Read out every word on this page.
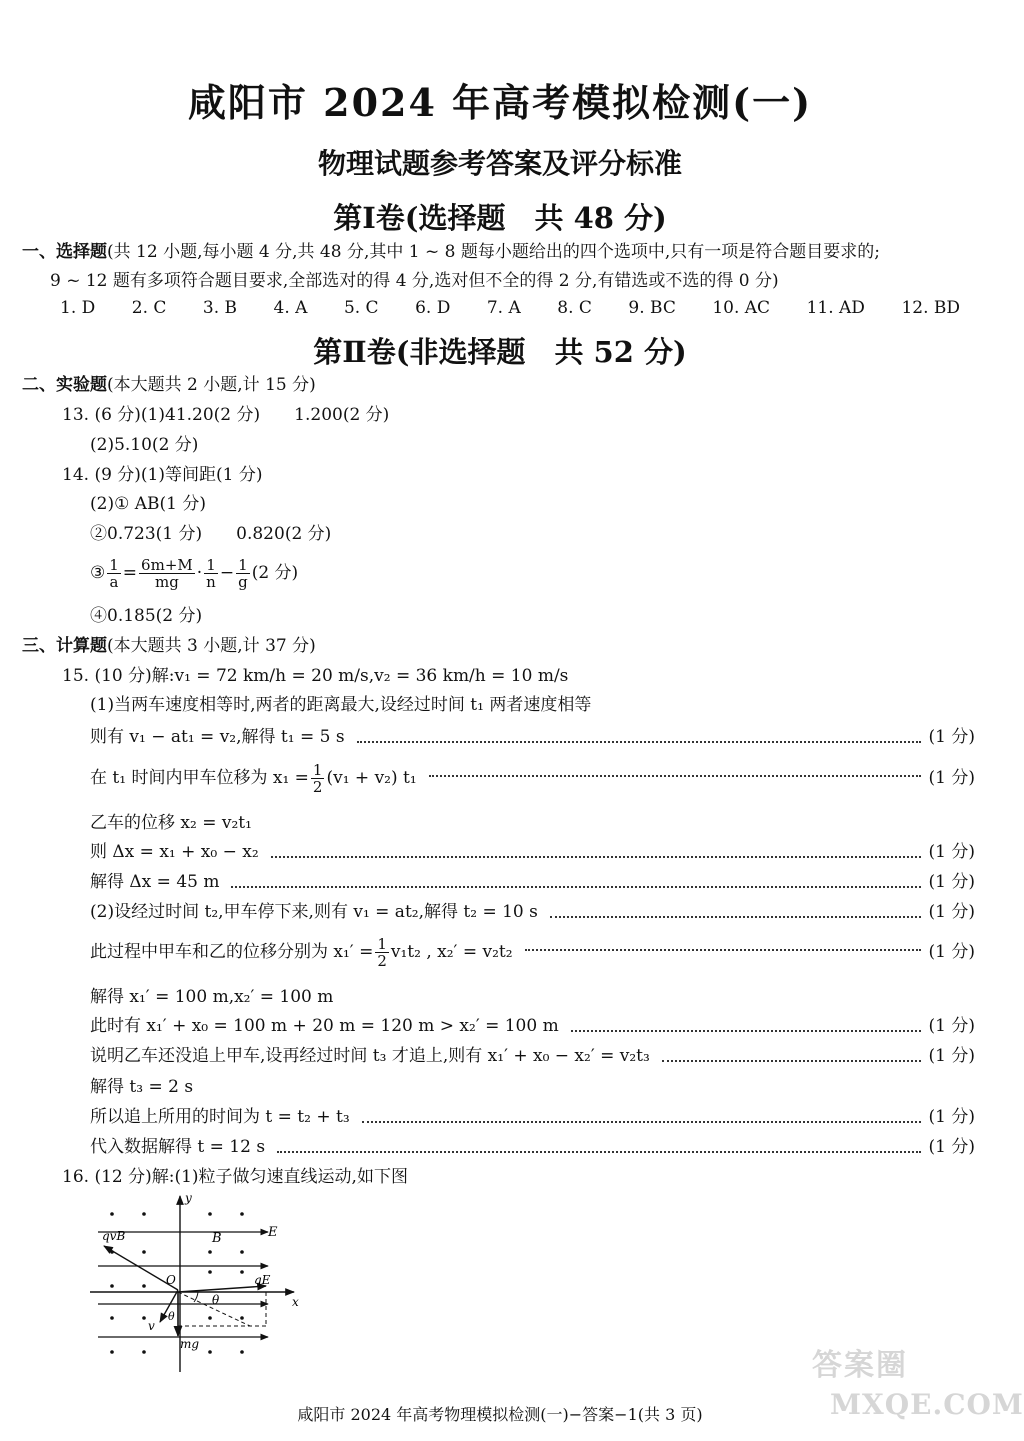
咸阳市 2024 年高考模拟检测(一)
物理试题参考答案及评分标准
第Ⅰ卷(选择题　共 48 分)
一、选择题(共 12 小题,每小题 4 分,共 48 分,其中 1 ~ 8 题每小题给出的四个选项中,只有一项是符合题目要求的;
9 ~ 12 题有多项符合题目要求,全部选对的得 4 分,选对但不全的得 2 分,有错选或不选的得 0 分)
1. D 2. C 3. B 4. A 5. C 6. D 7. A 8. C 9. BC 10. AC 11. AD 12. BD
第Ⅱ卷(非选择题　共 52 分)
二、实验题(本大题共 2 小题,计 15 分)
13. (6 分)(1)41.20(2 分)　　1.200(2 分)
(2)5.10(2 分)
14. (9 分)(1)等间距(1 分)
(2)① AB(1 分)
②0.723(1 分)　　0.820(2 分)
③ $\frac{1}{a} = \frac{6m+M}{mg} \cdot \frac{1}{n} - \frac{1}{g} (2$ 分)
④0.185(2 分)
三、计算题(本大题共 3 小题,计 37 分)
15. (10 分)解:v₁ = 72 km/h = 20 m/s,v₂ = 36 km/h = 10 m/s
(1)当两车速度相等时,两者的距离最大,设经过时间 t₁ 两者速度相等
则有 v₁ − at₁ = v₂,解得 t₁ = 5 s	(1 分)
在 t₁ 时间内甲车位移为 $x_1 = \frac{1}{2} (v_1 + v_2)$ t₁	(1 分)
乙车的位移 x₂ = v₂t₁
则 Δx = x₁ + x₀ − x₂	(1 分)
解得 Δx = 45 m	(1 分)
(2)设经过时间 t₂,甲车停下来,则有 v₁ = at₂,解得 t₂ = 10 s	(1 分)
此过程中甲车和乙的位移分别为 $x_1' = \frac{1}{2} v_1t_2$ , x₂′ = v₂t₂	(1 分)
解得 x₁′ = 100 m,x₂′ = 100 m
此时有 x₁′ + x₀ = 100 m + 20 m = 120 m > x₂′ = 100 m	(1 分)
说明乙车还没追上甲车,设再经过时间 t₃ 才追上,则有 x₁′ + x₀ − x₂′ = v₂t₃	(1 分)
解得 t₃ = 2 s
所以追上所用的时间为 t = t₂ + t₃	(1 分)
代入数据解得 t = 12 s	(1 分)
16. (12 分)解:(1)粒子做匀速直线运动,如下图
y
x
qvB	B	E
O	qE
θ
θ
v
mg
答案圈
MXQE.COM
咸阳市 2024 年高考物理模拟检测(一)−答案−1(共 3 页)
